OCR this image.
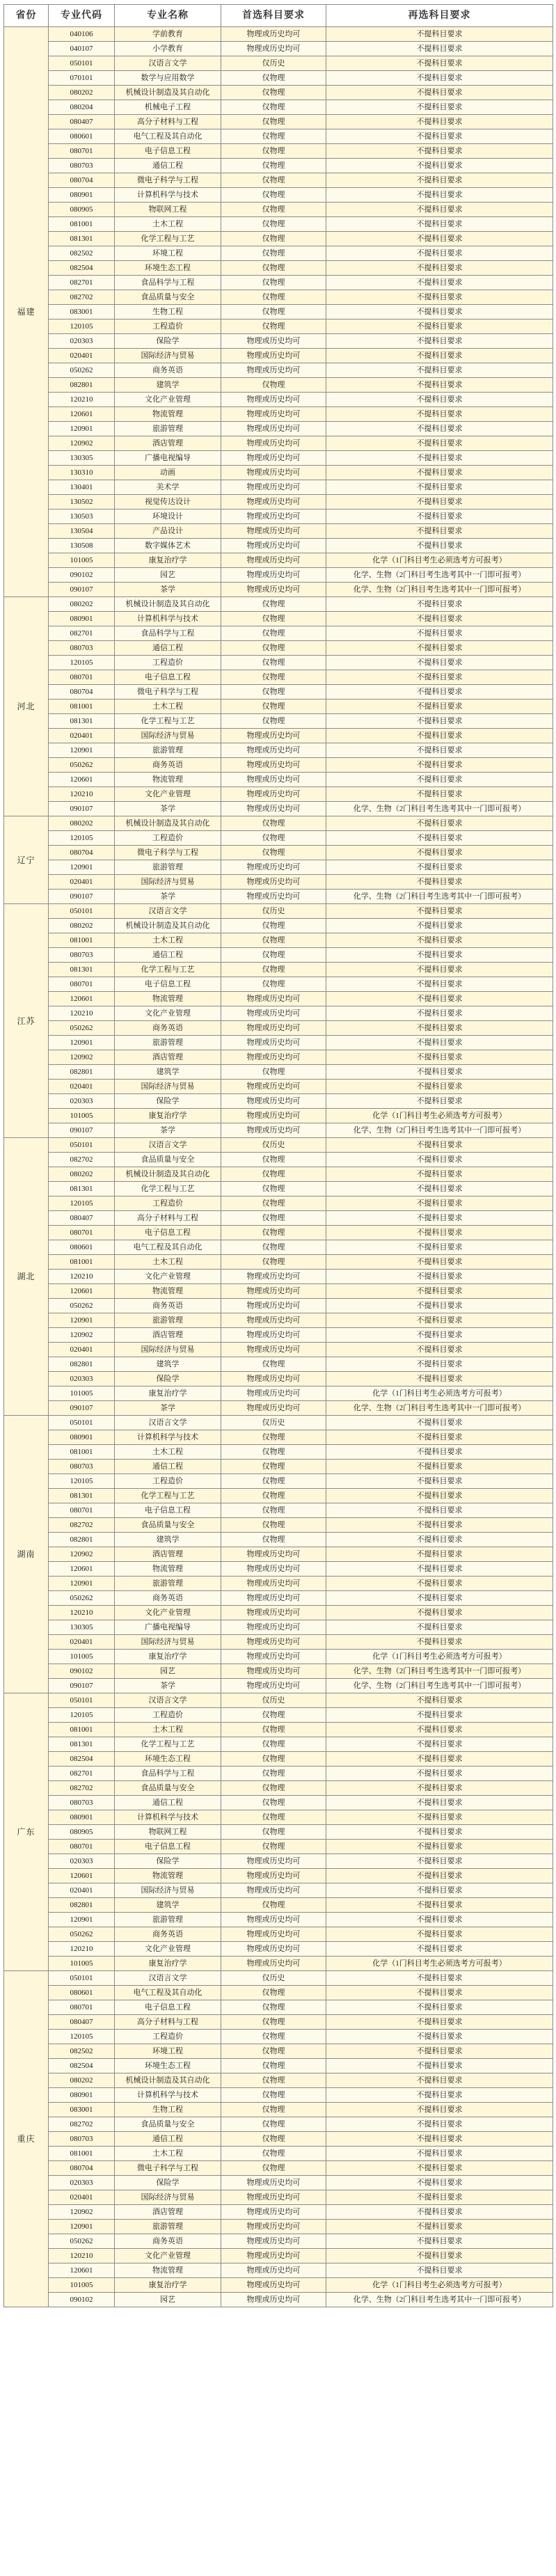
省份	专业代码	专业名称	首选科目要求	再选科目要求
福建	040106	学前教育	物理或历史均可	不提科目要求
	040107	小学教育	物理或历史均可	不提科目要求
	050101	汉语言文学	仅历史	不提科目要求
	070101	数学与应用数学	仅物理	不提科目要求
	080202	机械设计制造及其自动化	仅物理	不提科目要求
	080204	机械电子工程	仅物理	不提科目要求
	080407	高分子材料与工程	仅物理	不提科目要求
	080601	电气工程及其自动化	仅物理	不提科目要求
	080701	电子信息工程	仅物理	不提科目要求
	080703	通信工程	仅物理	不提科目要求
	080704	微电子科学与工程	仅物理	不提科目要求
	080901	计算机科学与技术	仅物理	不提科目要求
	080905	物联网工程	仅物理	不提科目要求
	081001	土木工程	仅物理	不提科目要求
	081301	化学工程与工艺	仅物理	不提科目要求
	082502	环境工程	仅物理	不提科目要求
	082504	环境生态工程	仅物理	不提科目要求
	082701	食品科学与工程	仅物理	不提科目要求
	082702	食品质量与安全	仅物理	不提科目要求
	083001	生物工程	仅物理	不提科目要求
	120105	工程造价	仅物理	不提科目要求
	020303	保险学	物理或历史均可	不提科目要求
	020401	国际经济与贸易	物理或历史均可	不提科目要求
	050262	商务英语	物理或历史均可	不提科目要求
	082801	建筑学	仅物理	不提科目要求
	120210	文化产业管理	物理或历史均可	不提科目要求
	120601	物流管理	物理或历史均可	不提科目要求
	120901	旅游管理	物理或历史均可	不提科目要求
	120902	酒店管理	物理或历史均可	不提科目要求
	130305	广播电视编导	物理或历史均可	不提科目要求
	130310	动画	物理或历史均可	不提科目要求
	130401	美术学	物理或历史均可	不提科目要求
	130502	视觉传达设计	物理或历史均可	不提科目要求
	130503	环境设计	物理或历史均可	不提科目要求
	130504	产品设计	物理或历史均可	不提科目要求
	130508	数字媒体艺术	物理或历史均可	不提科目要求
	101005	康复治疗学	物理或历史均可	化学（1门科目考生必须选考方可报考）
	090102	园艺	物理或历史均可	化学、生物（2门科目考生选考其中一门即可报考）
	090107	茶学	物理或历史均可	化学、生物（2门科目考生选考其中一门即可报考）
河北	080202	机械设计制造及其自动化	仅物理	不提科目要求
	080901	计算机科学与技术	仅物理	不提科目要求
	082701	食品科学与工程	仅物理	不提科目要求
	080703	通信工程	仅物理	不提科目要求
	120105	工程造价	仅物理	不提科目要求
	080701	电子信息工程	仅物理	不提科目要求
	080704	微电子科学与工程	仅物理	不提科目要求
	081001	土木工程	仅物理	不提科目要求
	081301	化学工程与工艺	仅物理	不提科目要求
	020401	国际经济与贸易	物理或历史均可	不提科目要求
	120901	旅游管理	物理或历史均可	不提科目要求
	050262	商务英语	物理或历史均可	不提科目要求
	120601	物流管理	物理或历史均可	不提科目要求
	120210	文化产业管理	物理或历史均可	不提科目要求
	090107	茶学	物理或历史均可	化学、生物（2门科目考生选考其中一门即可报考）
辽宁	080202	机械设计制造及其自动化	仅物理	不提科目要求
	120105	工程造价	仅物理	不提科目要求
	080704	微电子科学与工程	仅物理	不提科目要求
	120901	旅游管理	物理或历史均可	不提科目要求
	020401	国际经济与贸易	物理或历史均可	不提科目要求
	090107	茶学	物理或历史均可	化学、生物（2门科目考生选考其中一门即可报考）
江苏	050101	汉语言文学	仅历史	不提科目要求
	080202	机械设计制造及其自动化	仅物理	不提科目要求
	081001	土木工程	仅物理	不提科目要求
	080703	通信工程	仅物理	不提科目要求
	081301	化学工程与工艺	仅物理	不提科目要求
	080701	电子信息工程	仅物理	不提科目要求
	120601	物流管理	物理或历史均可	不提科目要求
	120210	文化产业管理	物理或历史均可	不提科目要求
	050262	商务英语	物理或历史均可	不提科目要求
	120901	旅游管理	物理或历史均可	不提科目要求
	120902	酒店管理	物理或历史均可	不提科目要求
	082801	建筑学	仅物理	不提科目要求
	020401	国际经济与贸易	物理或历史均可	不提科目要求
	020303	保险学	物理或历史均可	不提科目要求
	101005	康复治疗学	物理或历史均可	化学（1门科目考生必须选考方可报考）
	090107	茶学	物理或历史均可	化学、生物（2门科目考生选考其中一门即可报考）
湖北	050101	汉语言文学	仅历史	不提科目要求
	082702	食品质量与安全	仅物理	不提科目要求
	080202	机械设计制造及其自动化	仅物理	不提科目要求
	081301	化学工程与工艺	仅物理	不提科目要求
	120105	工程造价	仅物理	不提科目要求
	080407	高分子材料与工程	仅物理	不提科目要求
	080701	电子信息工程	仅物理	不提科目要求
	080601	电气工程及其自动化	仅物理	不提科目要求
	081001	土木工程	仅物理	不提科目要求
	120210	文化产业管理	物理或历史均可	不提科目要求
	120601	物流管理	物理或历史均可	不提科目要求
	050262	商务英语	物理或历史均可	不提科目要求
	120901	旅游管理	物理或历史均可	不提科目要求
	120902	酒店管理	物理或历史均可	不提科目要求
	020401	国际经济与贸易	物理或历史均可	不提科目要求
	082801	建筑学	仅物理	不提科目要求
	020303	保险学	物理或历史均可	不提科目要求
	101005	康复治疗学	物理或历史均可	化学（1门科目考生必须选考方可报考）
	090107	茶学	物理或历史均可	化学、生物（2门科目考生选考其中一门即可报考）
湖南	050101	汉语言文学	仅历史	不提科目要求
	080901	计算机科学与技术	仅物理	不提科目要求
	081001	土木工程	仅物理	不提科目要求
	080703	通信工程	仅物理	不提科目要求
	120105	工程造价	仅物理	不提科目要求
	081301	化学工程与工艺	仅物理	不提科目要求
	080701	电子信息工程	仅物理	不提科目要求
	082702	食品质量与安全	仅物理	不提科目要求
	082801	建筑学	仅物理	不提科目要求
	120902	酒店管理	物理或历史均可	不提科目要求
	120601	物流管理	物理或历史均可	不提科目要求
	120901	旅游管理	物理或历史均可	不提科目要求
	050262	商务英语	物理或历史均可	不提科目要求
	120210	文化产业管理	物理或历史均可	不提科目要求
	130305	广播电视编导	物理或历史均可	不提科目要求
	020401	国际经济与贸易	物理或历史均可	不提科目要求
	101005	康复治疗学	物理或历史均可	化学（1门科目考生必须选考方可报考）
	090102	园艺	物理或历史均可	化学、生物（2门科目考生选考其中一门即可报考）
	090107	茶学	物理或历史均可	化学、生物（2门科目考生选考其中一门即可报考）
广东	050101	汉语言文学	仅历史	不提科目要求
	120105	工程造价	仅物理	不提科目要求
	081001	土木工程	仅物理	不提科目要求
	081301	化学工程与工艺	仅物理	不提科目要求
	082504	环境生态工程	仅物理	不提科目要求
	082701	食品科学与工程	仅物理	不提科目要求
	082702	食品质量与安全	仅物理	不提科目要求
	080703	通信工程	仅物理	不提科目要求
	080901	计算机科学与技术	仅物理	不提科目要求
	080905	物联网工程	仅物理	不提科目要求
	080701	电子信息工程	仅物理	不提科目要求
	020303	保险学	物理或历史均可	不提科目要求
	120601	物流管理	物理或历史均可	不提科目要求
	020401	国际经济与贸易	物理或历史均可	不提科目要求
	082801	建筑学	仅物理	不提科目要求
	120901	旅游管理	物理或历史均可	不提科目要求
	050262	商务英语	物理或历史均可	不提科目要求
	120210	文化产业管理	物理或历史均可	不提科目要求
	101005	康复治疗学	物理或历史均可	化学（1门科目考生必须选考方可报考）
重庆	050101	汉语言文学	仅历史	不提科目要求
	080601	电气工程及其自动化	仅物理	不提科目要求
	080701	电子信息工程	仅物理	不提科目要求
	080407	高分子材料与工程	仅物理	不提科目要求
	120105	工程造价	仅物理	不提科目要求
	082502	环境工程	仅物理	不提科目要求
	082504	环境生态工程	仅物理	不提科目要求
	080202	机械设计制造及其自动化	仅物理	不提科目要求
	080901	计算机科学与技术	仅物理	不提科目要求
	083001	生物工程	仅物理	不提科目要求
	082702	食品质量与安全	仅物理	不提科目要求
	080703	通信工程	仅物理	不提科目要求
	081001	土木工程	仅物理	不提科目要求
	080704	微电子科学与工程	仅物理	不提科目要求
	020303	保险学	物理或历史均可	不提科目要求
	020401	国际经济与贸易	物理或历史均可	不提科目要求
	120902	酒店管理	物理或历史均可	不提科目要求
	120901	旅游管理	物理或历史均可	不提科目要求
	050262	商务英语	物理或历史均可	不提科目要求
	120210	文化产业管理	物理或历史均可	不提科目要求
	120601	物流管理	物理或历史均可	不提科目要求
	101005	康复治疗学	物理或历史均可	化学（1门科目考生必须选考方可报考）
	090102	园艺	物理或历史均可	化学、生物（2门科目考生选考其中一门即可报考）
